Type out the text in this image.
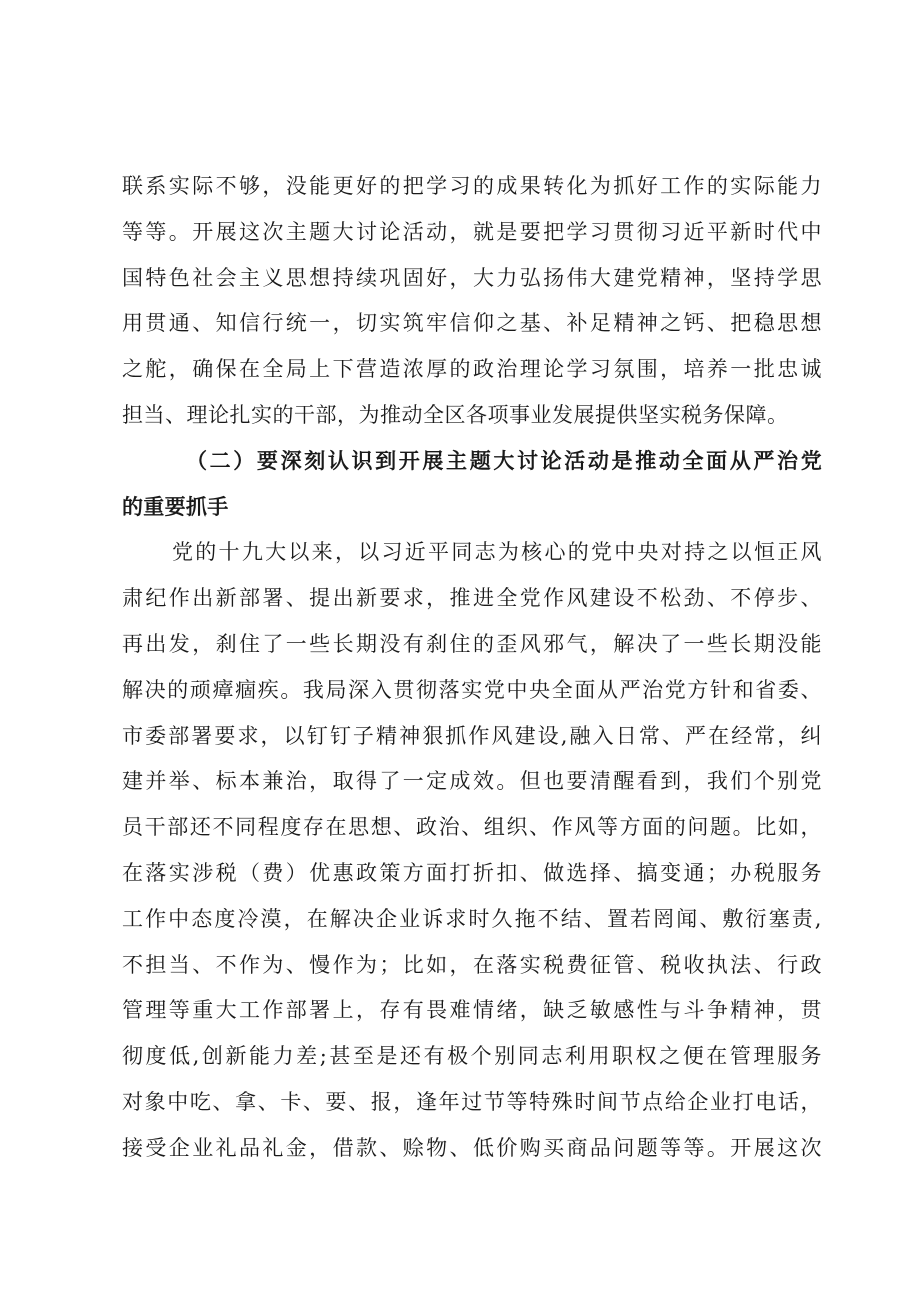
联系实际不够，没能更好的把学习的成果转化为抓好工作的实际能力
等等。开展这次主题大讨论活动，就是要把学习贯彻习近平新时代中
国特色社会主义思想持续巩固好，大力弘扬伟大建党精神，坚持学思
用贯通、知信行统一，切实筑牢信仰之基、补足精神之钙、把稳思想
之舵，确保在全局上下营造浓厚的政治理论学习氛围，培养一批忠诚
担当、理论扎实的干部，为推动全区各项事业发展提供坚实税务保障。
（二）要深刻认识到开展主题大讨论活动是推动全面从严治党
的重要抓手
党的十九大以来，以习近平同志为核心的党中央对持之以恒正风
肃纪作出新部署、提出新要求，推进全党作风建设不松劲、不停步、
再出发，刹住了一些长期没有刹住的歪风邪气，解决了一些长期没能
解决的顽瘴痼疾。我局深入贯彻落实党中央全面从严治党方针和省委、
市委部署要求，以钉钉子精神狠抓作风建设,融入日常、严在经常，纠
建并举、标本兼治，取得了一定成效。但也要清醒看到，我们个别党
员干部还不同程度存在思想、政治、组织、作风等方面的问题。比如，
在落实涉税（费）优惠政策方面打折扣、做选择、搞变通；办税服务
工作中态度冷漠，在解决企业诉求时久拖不结、置若罔闻、敷衍塞责,
不担当、不作为、慢作为；比如，在落实税费征管、税收执法、行政
管理等重大工作部署上，存有畏难情绪，缺乏敏感性与斗争精神，贯
彻度低,创新能力差;甚至是还有极个别同志利用职权之便在管理服务
对象中吃、拿、卡、要、报，逢年过节等特殊时间节点给企业打电话，
接受企业礼品礼金，借款、赊物、低价购买商品问题等等。开展这次
